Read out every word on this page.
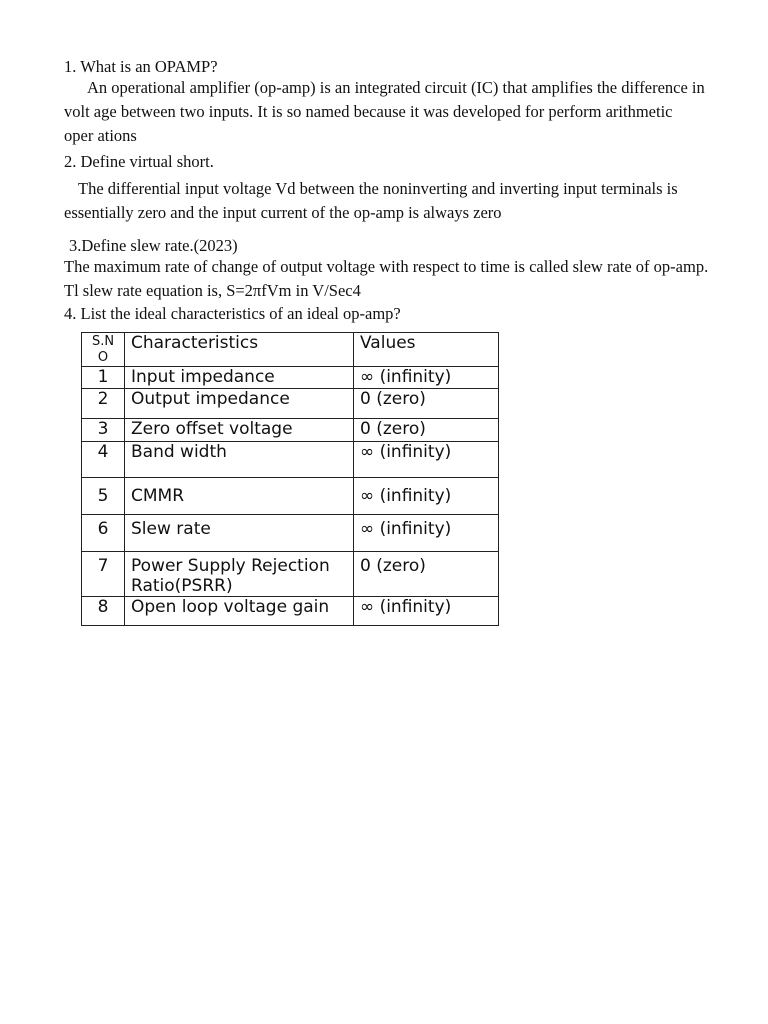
1. What is an OPAMP?
An operational amplifier (op-amp) is an integrated circuit (IC) that amplifies the difference in
volt age between two inputs. It is so named because it was developed for perform arithmetic
oper ations
2. Define virtual short.
The differential input voltage Vd between the noninverting and inverting input terminals is
essentially zero and the input current of the op-amp is always zero
3.Define slew rate.(2023)
The maximum rate of change of output voltage with respect to time is called slew rate of op-amp.
Tl slew rate equation is, S=2πfVm in V/Sec4
4. List the ideal characteristics of an ideal op-amp?
S.N
O	Characteristics	Values
1	Input impedance	∞ (infinity)
2	Output impedance	0 (zero)
3	Zero offset voltage	0 (zero)
4	Band width	∞ (infinity)
5	CMMR	∞ (infinity)
6	Slew rate	∞ (infinity)
7	Power Supply Rejection
Ratio(PSRR)	0 (zero)
8	Open loop voltage gain	∞ (infinity)
